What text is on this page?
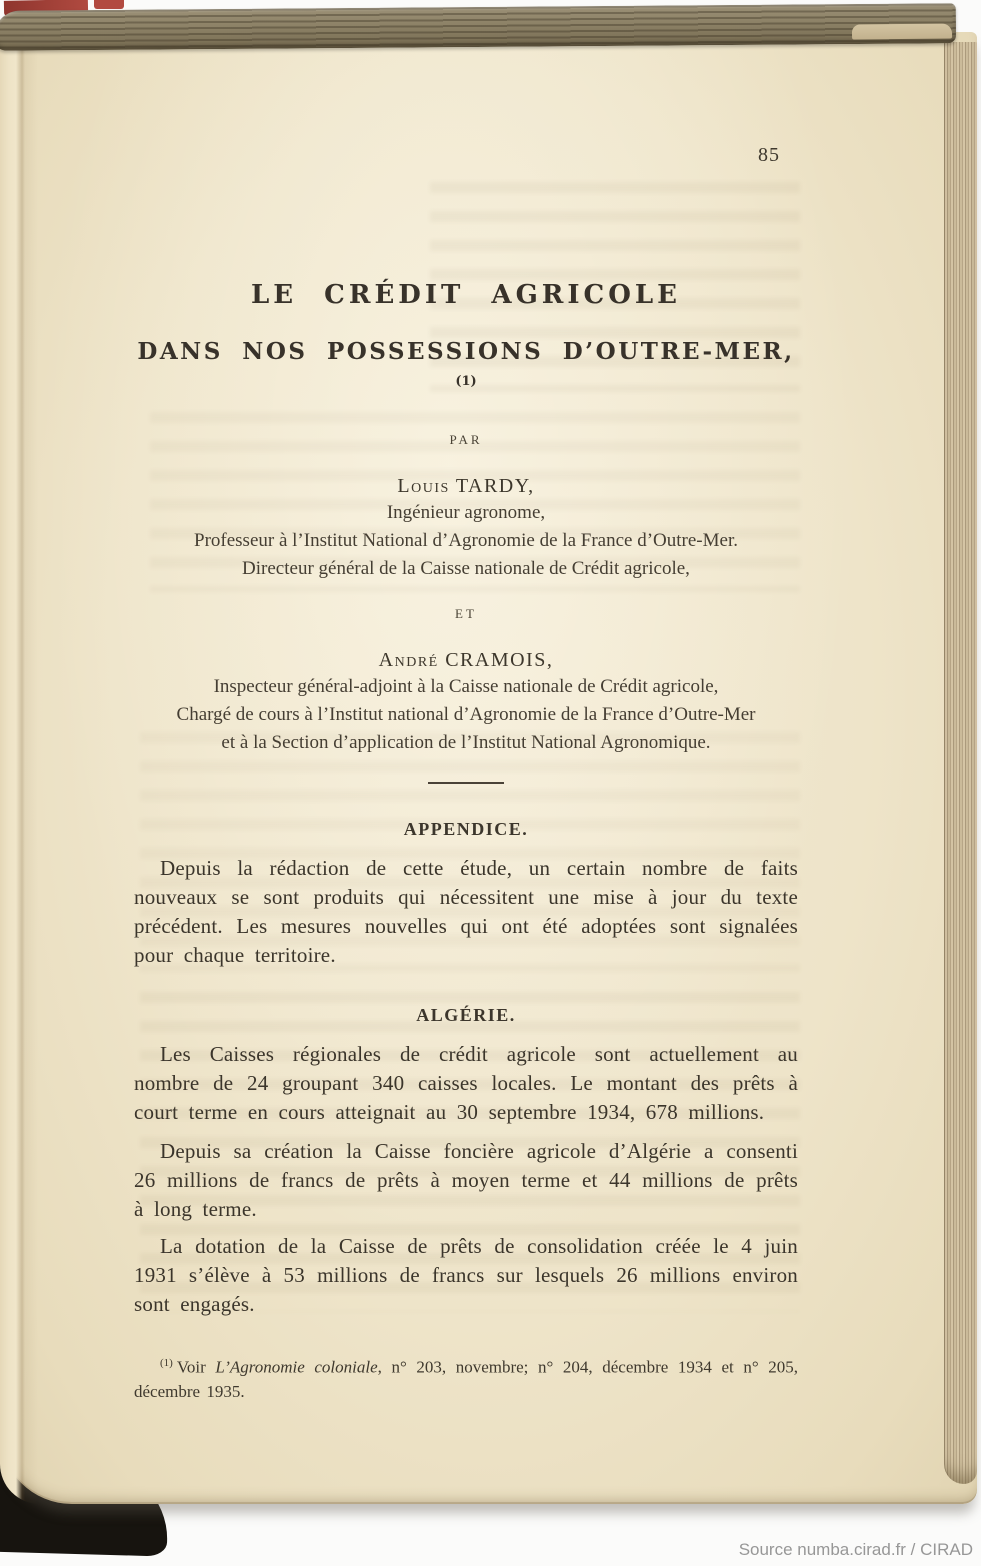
85
LE CRÉDIT AGRICOLE
DANS NOS POSSESSIONS D’OUTRE-MER,$^{(1)}$
PAR
Louis TARDY,
Ingénieur agronome,
Professeur à l’Institut National d’Agronomie de la France d’Outre-Mer.
Directeur général de la Caisse nationale de Crédit agricole,
ET
André CRAMOIS,
Inspecteur général-adjoint à la Caisse nationale de Crédit agricole,
Chargé de cours à l’Institut national d’Agronomie de la France d’Outre-Mer
et à la Section d’application de l’Institut National Agronomique.
APPENDICE.

Depuis la rédaction de cette étude, un certain nombre de faits nouveaux se sont produits qui nécessitent une mise à jour du texte précédent. Les mesures nouvelles qui ont été adoptées sont signalées pour chaque territoire.

ALGÉRIE.

Les Caisses régionales de crédit agricole sont actuellement au nombre de 24 groupant 340 caisses locales. Le montant des prêts à court terme en cours atteignait au 30 septembre 1934, 678 millions.

Depuis sa création la Caisse foncière agricole d’Algérie a consenti 26 millions de francs de prêts à moyen terme et 44 millions de prêts à long terme.

La dotation de la Caisse de prêts de consolidation créée le 4 juin 1931 s’élève à 53 millions de francs sur lesquels 26 millions environ sont engagés.

$^{(1)}$ Voir L’Agronomie coloniale, n° 203, novembre; n° 204, décembre 1934 et n° 205, décembre 1935.

Source numba.cirad.fr / CIRAD
